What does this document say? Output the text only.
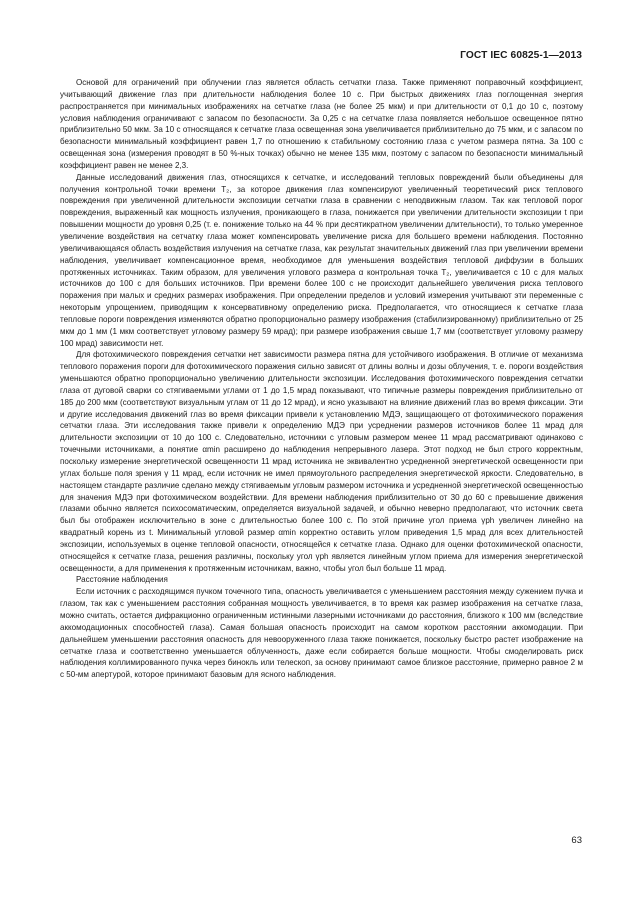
ГОСТ IEC 60825-1—2013

Основой для ограничений при облучении глаз является область сетчатки глаза. Также применяют поправочный коэффициент, учитывающий движение глаз при длительности наблюдения более 10 с. При быстрых движениях глаз поглощенная энергия распространяется при минимальных изображениях на сетчатке глаза (не более 25 мкм) и при длительности от 0,1 до 10 с, поэтому условия наблюдения ограничивают с запасом по безопасности. За 0,25 с на сетчатке глаза появляется небольшое освещенное пятно приблизительно 50 мкм. За 10 с относящаяся к сетчатке глаза освещенная зона увеличивается приблизительно до 75 мкм, и с запасом по безопасности минимальный коэффициент равен 1,7 по отношению к стабильному состоянию глаза с учетом размера пятна. За 100 с освещенная зона (измерения проводят в 50 %-ных точках) обычно не менее 135 мкм, поэтому с запасом по безопасности минимальный коэффициент равен не менее 2,3.

Данные исследований движения глаз, относящихся к сетчатке, и исследований тепловых повреждений были объединены для получения контрольной точки времени T₂, за которое движения глаз компенсируют увеличенный теоретический риск теплового повреждения при увеличенной длительности экспозиции сетчатки глаза в сравнении с неподвижным глазом. Так как тепловой порог повреждения, выраженный как мощность излучения, проникающего в глаза, понижается при увеличении длительности экспозиции t при повышении мощности до уровня 0,25 (т. е. понижение только на 44 % при десятикратном увеличении длительности), то только умеренное увеличение воздействия на сетчатку глаза может компенсировать увеличение риска для большего времени наблюдения. Постоянно увеличивающаяся область воздействия излучения на сетчатке глаза, как результат значительных движений глаз при увеличении времени наблюдения, увеличивает компенсационное время, необходимое для уменьшения воздействия тепловой диффузии в больших протяженных источниках. Таким образом, для увеличения углового размера α контрольная точка T₂, увеличивается с 10 с для малых источников до 100 с для больших источников. При времени более 100 с не происходит дальнейшего увеличения риска теплового поражения при малых и средних размерах изображения. При определении пределов и условий измерения учитывают эти переменные с некоторым упрощением, приводящим к консервативному определению риска. Предполагается, что относящиеся к сетчатке глаза тепловые пороги повреждения изменяются обратно пропорционально размеру изображения (стабилизированному) приблизительно от 25 мкм до 1 мм (1 мкм соответствует угловому размеру 59 мрад); при размере изображения свыше 1,7 мм (соответствует угловому размеру 100 мрад) зависимости нет.

Для фотохимического повреждения сетчатки нет зависимости размера пятна для устойчивого изображения. В отличие от механизма теплового поражения пороги для фотохимического поражения сильно зависят от длины волны и дозы облучения, т. е. пороги воздействия уменьшаются обратно пропорционально увеличению длительности экспозиции. Исследования фотохимического повреждения сетчатки глаза от дуговой сварки со стягиваемыми углами от 1 до 1,5 мрад показывают, что типичные размеры повреждения приблизительно от 185 до 200 мкм (соответствуют визуальным углам от 11 до 12 мрад), и ясно указывают на влияние движений глаз во время фиксации. Эти и другие исследования движений глаз во время фиксации привели к установлению МДЭ, защищающего от фотохимического поражения сетчатки глаза. Эти исследования также привели к определению МДЭ при усреднении размеров источников более 11 мрад для длительности экспозиции от 10 до 100 с. Следовательно, источники с угловым размером менее 11 мрад рассматривают одинаково с точечными источниками, а понятие αmin расширено до наблюдения непрерывного лазера. Этот подход не был строго корректным, поскольку измерение энергетической освещенности 11 мрад источника не эквивалентно усредненной энергетической освещенности при углах больше поля зрения γ 11 мрад, если источник не имел прямоугольного распределения энергетической яркости. Следовательно, в настоящем стандарте различие сделано между стягиваемым угловым размером источника и усредненной энергетической освещенностью для значения МДЭ при фотохимическом воздействии. Для времени наблюдения приблизительно от 30 до 60 с превышение движения глазами обычно является психосоматическим, определяется визуальной задачей, и обычно неверно предполагают, что источник света был бы отображен исключительно в зоне с длительностью более 100 с. По этой причине угол приема γph увеличен линейно на квадратный корень из t. Минимальный угловой размер αmin корректно оставить углом приведения 1,5 мрад для всех длительностей экспозиции, используемых в оценке тепловой опасности, относящейся к сетчатке глаза. Однако для оценки фотохимической опасности, относящейся к сетчатке глаза, решения различны, поскольку угол γph является линейным углом приема для измерения энергетической освещенности, а для применения к протяженным источникам, важно, чтобы угол был больше 11 мрад.

Расстояние наблюдения

Если источник с расходящимся пучком точечного типа, опасность увеличивается с уменьшением расстояния между сужением пучка и глазом, так как с уменьшением расстояния собранная мощность увеличивается, в то время как размер изображения на сетчатке глаза, можно считать, остается дифракционно ограниченным истинными лазерными источниками до расстояния, близкого к 100 мм (вследствие аккомодационных способностей глаза). Самая большая опасность происходит на самом коротком расстоянии аккомодации. При дальнейшем уменьшении расстояния опасность для невооруженного глаза также понижается, поскольку быстро растет изображение на сетчатке глаза и соответственно уменьшается облученность, даже если собирается больше мощности. Чтобы смоделировать риск наблюдения коллимированного пучка через бинокль или телескоп, за основу принимают самое близкое расстояние, примерно равное 2 м с 50-мм апертурой, которое принимают базовым для ясного наблюдения.

63
